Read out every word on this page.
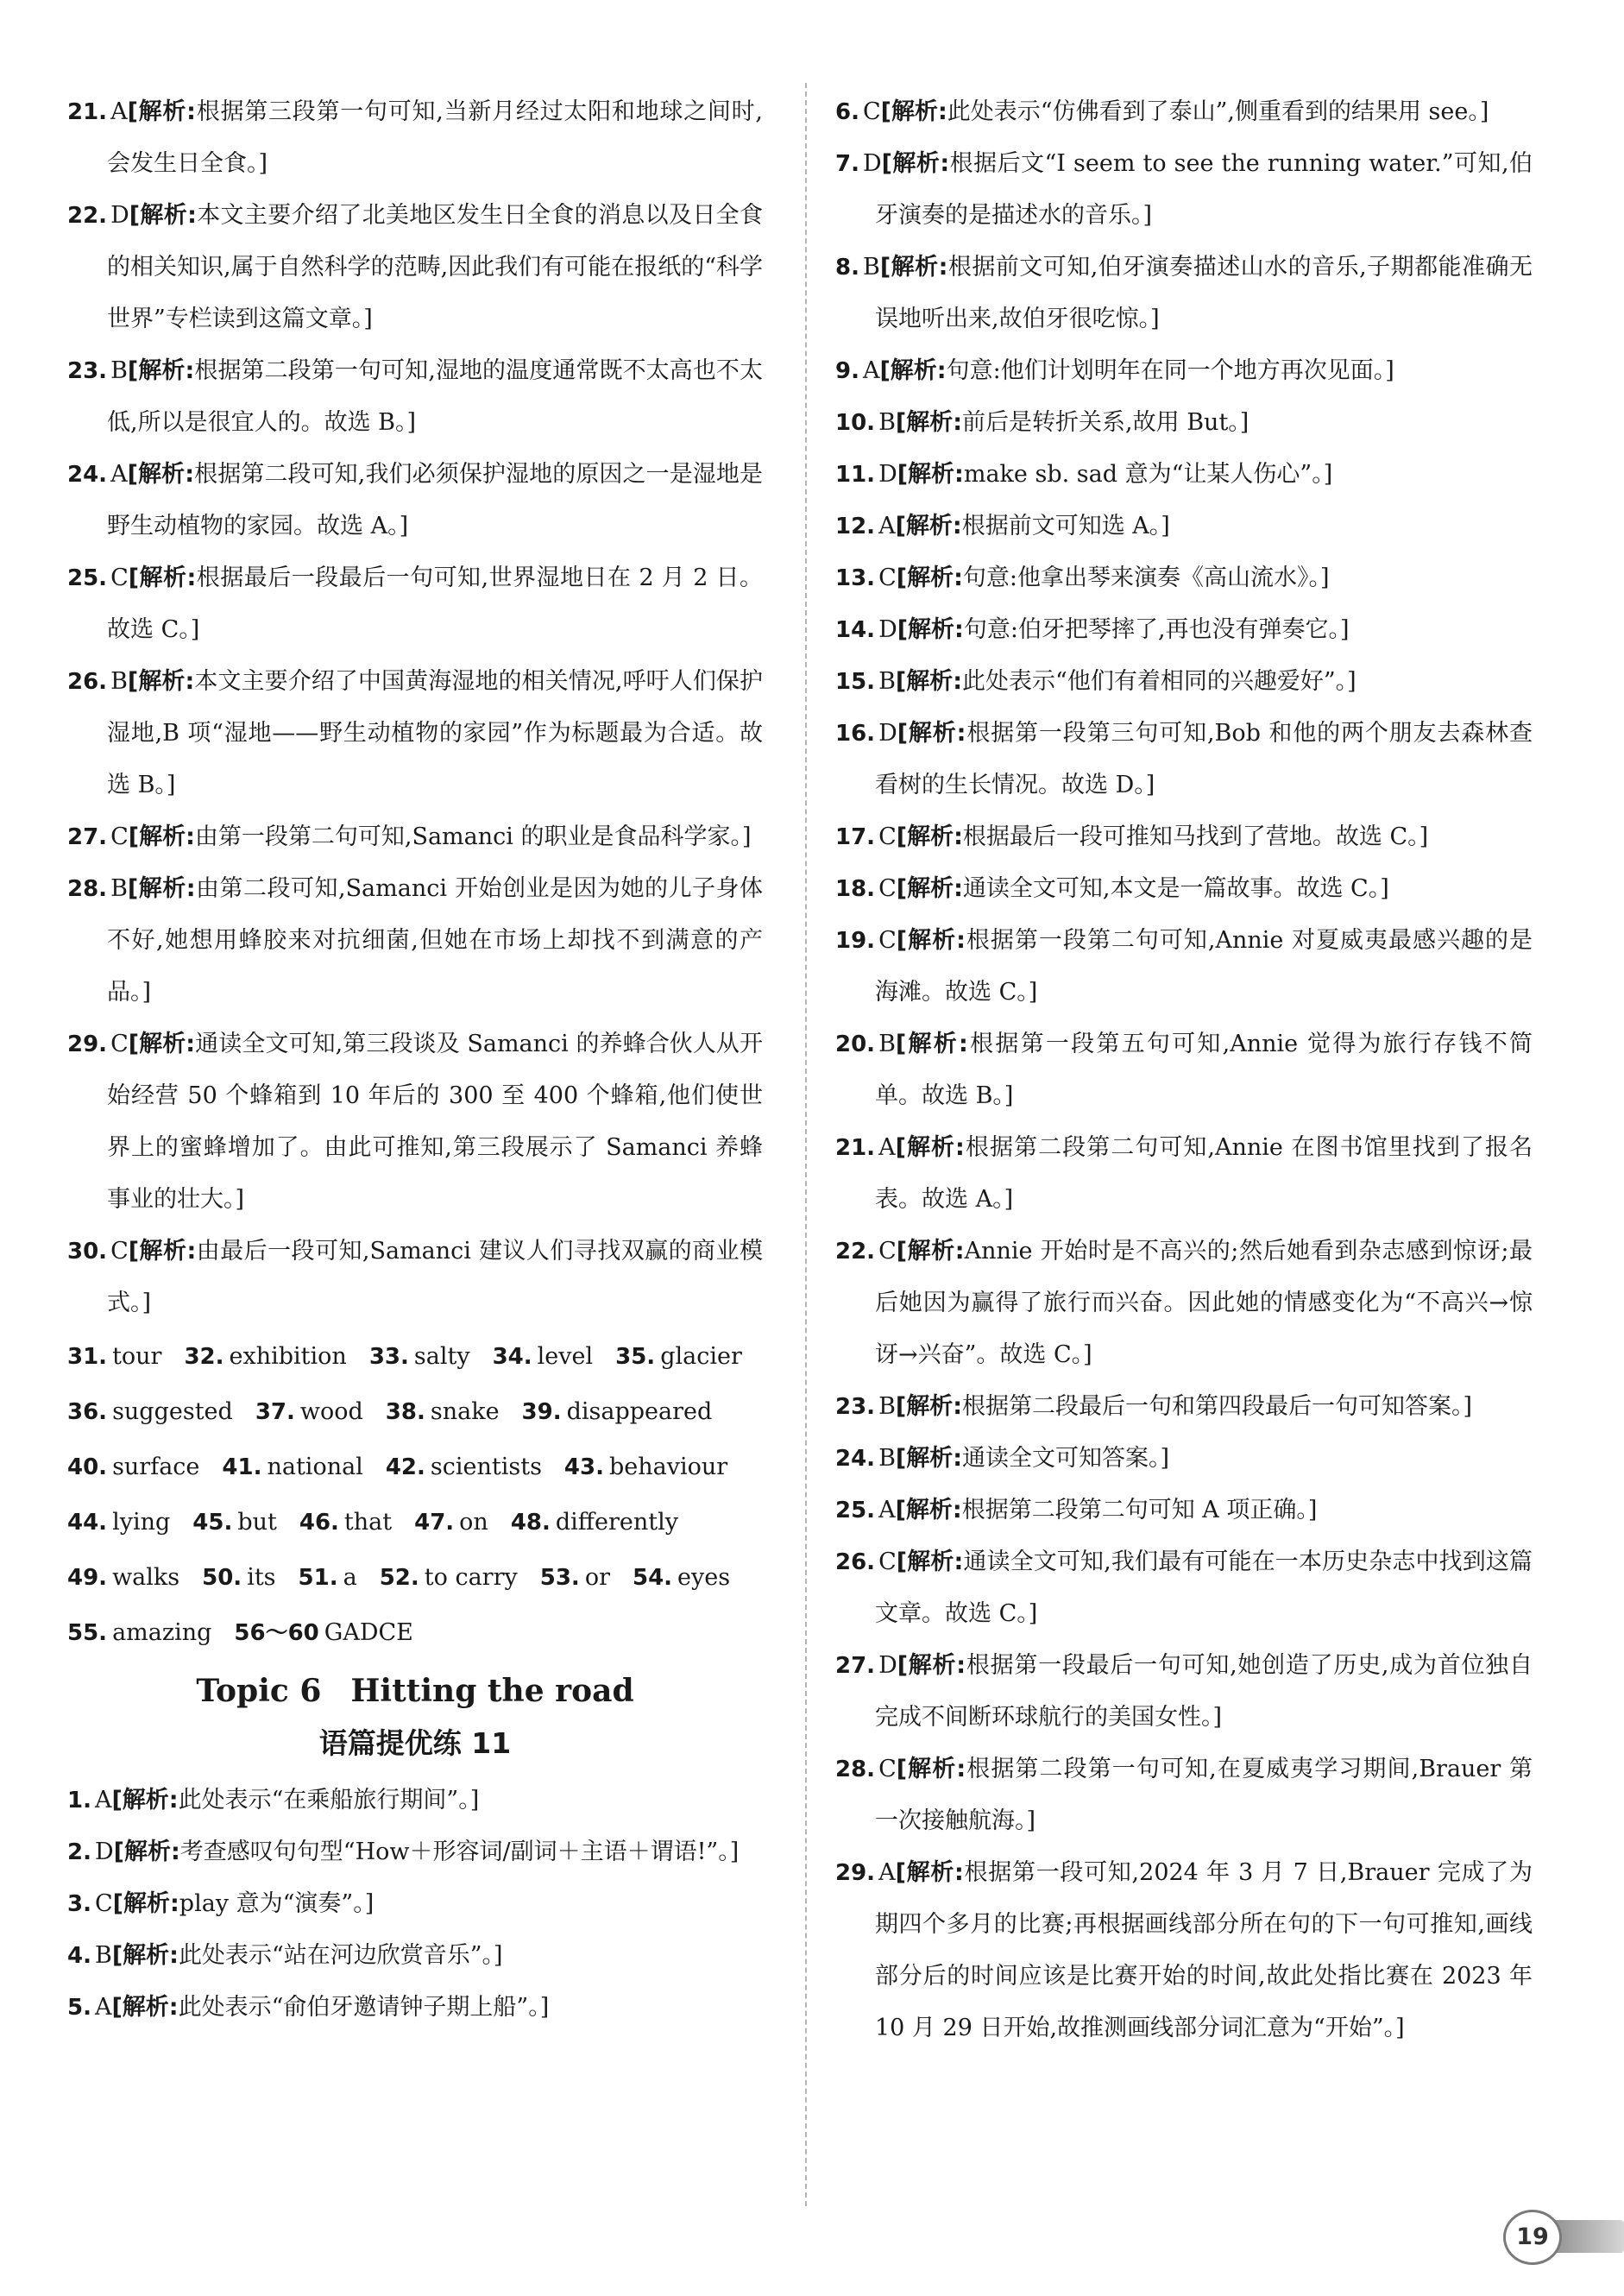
21. A[解析:根据第三段第一句可知,当新月经过太阳和地球之间时,会发生日全食。]
22. D[解析:本文主要介绍了北美地区发生日全食的消息以及日全食的相关知识,属于自然科学的范畴,因此我们有可能在报纸的“科学世界”专栏读到这篇文章。]
23. B[解析:根据第二段第一句可知,湿地的温度通常既不太高也不太低,所以是很宜人的。故选 B。]
24. A[解析:根据第二段可知,我们必须保护湿地的原因之一是湿地是野生动植物的家园。故选 A。]
25. C[解析:根据最后一段最后一句可知,世界湿地日在 2 月 2 日。故选 C。]
26. B[解析:本文主要介绍了中国黄海湿地的相关情况,呼吁人们保护湿地,B 项“湿地——野生动植物的家园”作为标题最为合适。故选 B。]
27. C[解析:由第一段第二句可知,Samanci 的职业是食品科学家。]
28. B[解析:由第二段可知,Samanci 开始创业是因为她的儿子身体不好,她想用蜂胶来对抗细菌,但她在市场上却找不到满意的产品。]
29. C[解析:通读全文可知,第三段谈及 Samanci 的养蜂合伙人从开始经营 50 个蜂箱到 10 年后的 300 至 400 个蜂箱,他们使世界上的蜜蜂增加了。由此可推知,第三段展示了 Samanci 养蜂事业的壮大。]
30. C[解析:由最后一段可知,Samanci 建议人们寻找双赢的商业模式。]
31. tour 32. exhibition 33. salty 34. level 35. glacier
36. suggested 37. wood 38. snake 39. disappeared
40. surface 41. national 42. scientists 43. behaviour
44. lying 45. but 46. that 47. on 48. differently
49. walks 50. its 51. a 52. to carry 53. or 54. eyes
55. amazing 56～60 GADCE
Topic 6 Hitting the road
语篇提优练 11
1. A[解析:此处表示“在乘船旅行期间”。]
2. D[解析:考查感叹句句型“How＋形容词/副词＋主语＋谓语!”。]
3. C[解析:play 意为“演奏”。]
4. B[解析:此处表示“站在河边欣赏音乐”。]
5. A[解析:此处表示“俞伯牙邀请钟子期上船”。]
6. C[解析:此处表示“仿佛看到了泰山”,侧重看到的结果用 see。]
7. D[解析:根据后文“I seem to see the running water.”可知,伯牙演奏的是描述水的音乐。]
8. B[解析:根据前文可知,伯牙演奏描述山水的音乐,子期都能准确无误地听出来,故伯牙很吃惊。]
9. A[解析:句意:他们计划明年在同一个地方再次见面。]
10. B[解析:前后是转折关系,故用 But。]
11. D[解析:make sb. sad 意为“让某人伤心”。]
12. A[解析:根据前文可知选 A。]
13. C[解析:句意:他拿出琴来演奏《高山流水》。]
14. D[解析:句意:伯牙把琴摔了,再也没有弹奏它。]
15. B[解析:此处表示“他们有着相同的兴趣爱好”。]
16. D[解析:根据第一段第三句可知,Bob 和他的两个朋友去森林查看树的生长情况。故选 D。]
17. C[解析:根据最后一段可推知马找到了营地。故选 C。]
18. C[解析:通读全文可知,本文是一篇故事。故选 C。]
19. C[解析:根据第一段第二句可知,Annie 对夏威夷最感兴趣的是海滩。故选 C。]
20. B[解析:根据第一段第五句可知,Annie 觉得为旅行存钱不简单。故选 B。]
21. A[解析:根据第二段第二句可知,Annie 在图书馆里找到了报名表。故选 A。]
22. C[解析:Annie 开始时是不高兴的;然后她看到杂志感到惊讶;最后她因为赢得了旅行而兴奋。因此她的情感变化为“不高兴→惊讶→兴奋”。故选 C。]
23. B[解析:根据第二段最后一句和第四段最后一句可知答案。]
24. B[解析:通读全文可知答案。]
25. A[解析:根据第二段第二句可知 A 项正确。]
26. C[解析:通读全文可知,我们最有可能在一本历史杂志中找到这篇文章。故选 C。]
27. D[解析:根据第一段最后一句可知,她创造了历史,成为首位独自完成不间断环球航行的美国女性。]
28. C[解析:根据第二段第一句可知,在夏威夷学习期间,Brauer 第一次接触航海。]
29. A[解析:根据第一段可知,2024 年 3 月 7 日,Brauer 完成了为期四个多月的比赛;再根据画线部分所在句的下一句可推知,画线部分后的时间应该是比赛开始的时间,故此处指比赛在 2023 年 10 月 29 日开始,故推测画线部分词汇意为“开始”。]
19
